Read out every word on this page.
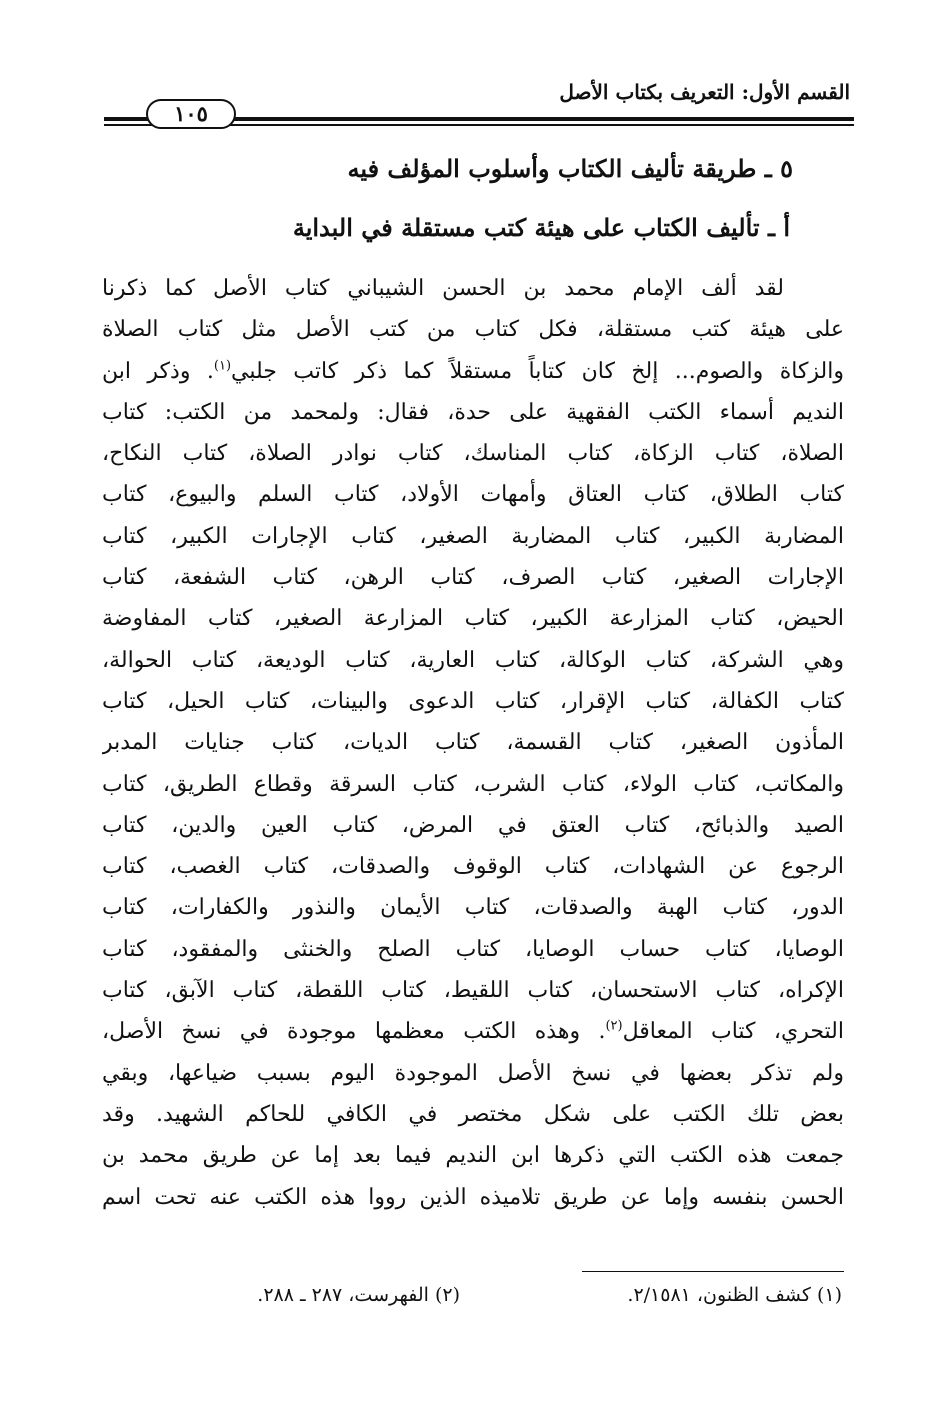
القسم الأول: التعريف بكتاب الأصل
١٠٥
٥ ـ طريقة تأليف الكتاب وأسلوب المؤلف فيه
أ ـ تأليف الكتاب على هيئة كتب مستقلة في البداية
لقد ألف الإمام محمد بن الحسن الشيباني كتاب الأصل كما ذكرنا
على هيئة كتب مستقلة، فكل كتاب من كتب الأصل مثل كتاب الصلاة
والزكاة والصوم... إلخ كان كتاباً مستقلاً كما ذكر كاتب جلبي$^{(١)}$. وذكر ابن
النديم أسماء الكتب الفقهية على حدة، فقال: ولمحمد من الكتب: كتاب
الصلاة، كتاب الزكاة، كتاب المناسك، كتاب نوادر الصلاة، كتاب النكاح،
كتاب الطلاق، كتاب العتاق وأمهات الأولاد، كتاب السلم والبيوع، كتاب
المضاربة الكبير، كتاب المضاربة الصغير، كتاب الإجارات الكبير، كتاب
الإجارات الصغير، كتاب الصرف، كتاب الرهن، كتاب الشفعة، كتاب
الحيض، كتاب المزارعة الكبير، كتاب المزارعة الصغير، كتاب المفاوضة
وهي الشركة، كتاب الوكالة، كتاب العارية، كتاب الوديعة، كتاب الحوالة،
كتاب الكفالة، كتاب الإقرار، كتاب الدعوى والبينات، كتاب الحيل، كتاب
المأذون الصغير، كتاب القسمة، كتاب الديات، كتاب جنايات المدبر
والمكاتب، كتاب الولاء، كتاب الشرب، كتاب السرقة وقطاع الطريق، كتاب
الصيد والذبائح، كتاب العتق في المرض، كتاب العين والدين، كتاب
الرجوع عن الشهادات، كتاب الوقوف والصدقات، كتاب الغصب، كتاب
الدور، كتاب الهبة والصدقات، كتاب الأيمان والنذور والكفارات، كتاب
الوصايا، كتاب حساب الوصايا، كتاب الصلح والخنثى والمفقود، كتاب
الإكراه، كتاب الاستحسان، كتاب اللقيط، كتاب اللقطة، كتاب الآبق، كتاب
التحري، كتاب المعاقل$^{(٢)}$. وهذه الكتب معظمها موجودة في نسخ الأصل،
ولم تذكر بعضها في نسخ الأصل الموجودة اليوم بسبب ضياعها، وبقي
بعض تلك الكتب على شكل مختصر في الكافي للحاكم الشهيد. وقد
جمعت هذه الكتب التي ذكرها ابن النديم فيما بعد إما عن طريق محمد بن
الحسن بنفسه وإما عن طريق تلاميذه الذين رووا هذه الكتب عنه تحت اسم
(١) كشف الظنون، ٢/١٥٨١.
(٢) الفهرست، ٢٨٧ ـ ٢٨٨.
